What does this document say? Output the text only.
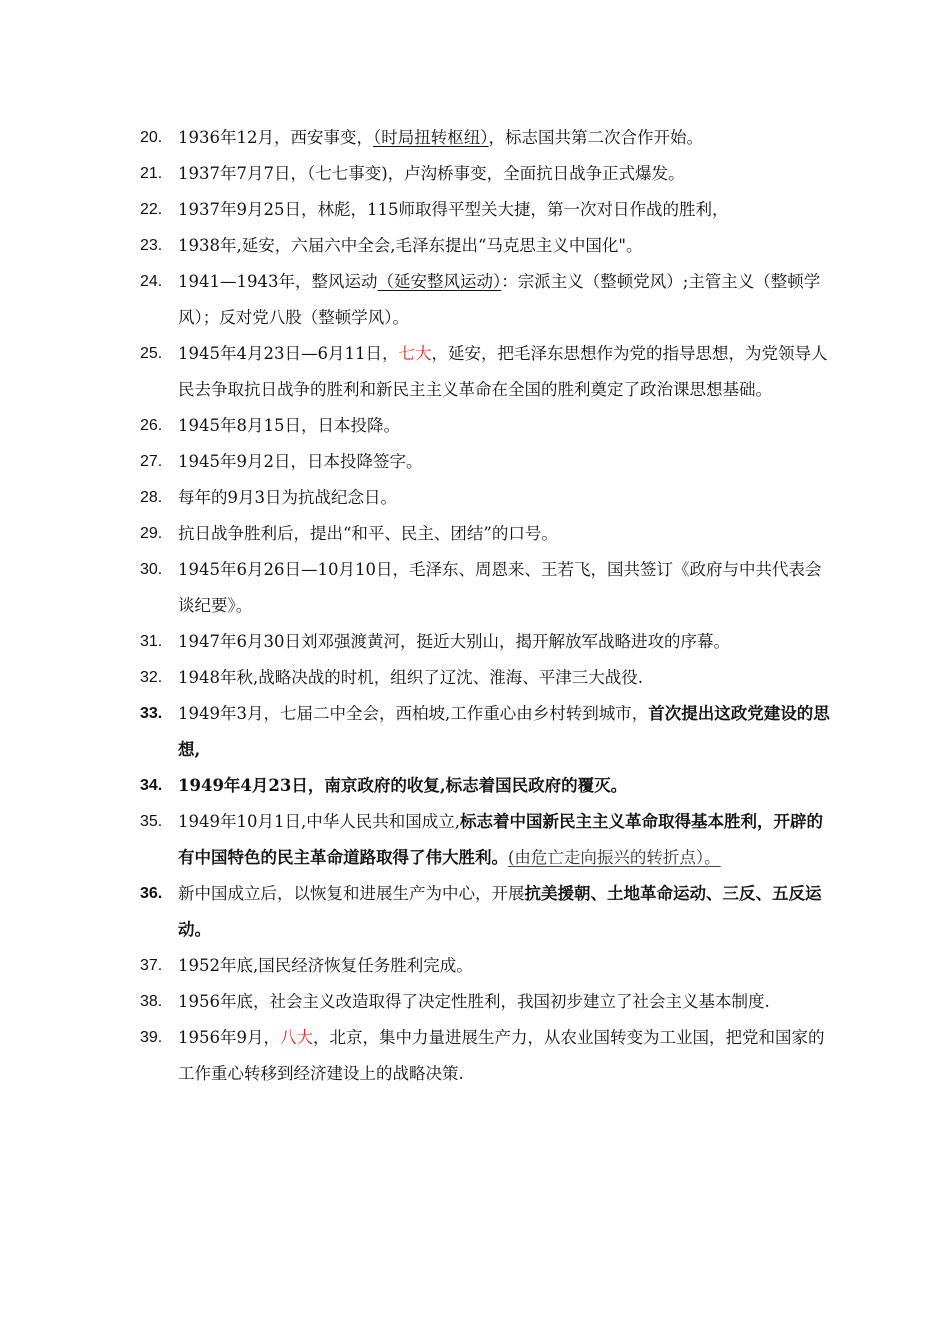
20. 1936年12月，西安事变，（时局扭转枢纽），标志国共第二次合作开始。
21. 1937年7月7日，（七七事变)，卢沟桥事变，全面抗日战争正式爆发。
22. 1937年9月25日，林彪，115师取得平型关大捷，第一次对日作战的胜利，
23. 1938年,延安，六届六中全会,毛泽东提出“马克思主义中国化"。
24. 1941—1943年，整风运动（延安整风运动）：宗派主义（整顿党风）;主管主义（整顿学风）；反对党八股（整顿学风）。
25. 1945年4月23日—6月11日，七大，延安，把毛泽东思想作为党的指导思想，为党领导人民去争取抗日战争的胜利和新民主主义革命在全国的胜利奠定了政治课思想基础。
26. 1945年8月15日，日本投降。
27. 1945年9月2日，日本投降签字。
28. 每年的9月3日为抗战纪念日。
29. 抗日战争胜利后，提出“和平、民主、团结”的口号。
30. 1945年6月26日—10月10日，毛泽东、周恩来、王若飞，国共签订《政府与中共代表会谈纪要》。
31. 1947年6月30日刘邓强渡黄河，挺近大别山，揭开解放军战略进攻的序幕。
32. 1948年秋,战略决战的时机，组织了辽沈、淮海、平津三大战役.
33. 1949年3月，七届二中全会，西柏坡,工作重心由乡村转到城市，首次提出这政党建设的思想,
34. 1949年4月23日，南京政府的收复,标志着国民政府的覆灭。
35. 1949年10月1日,中华人民共和国成立,标志着中国新民主主义革命取得基本胜利，开辟的有中国特色的民主革命道路取得了伟大胜利。(由危亡走向振兴的转折点）。
36. 新中国成立后，以恢复和进展生产为中心，开展抗美援朝、土地革命运动、三反、五反运动。
37. 1952年底,国民经济恢复任务胜利完成。
38. 1956年底，社会主义改造取得了决定性胜利，我国初步建立了社会主义基本制度.
39. 1956年9月，八大，北京，集中力量进展生产力，从农业国转变为工业国，把党和国家的工作重心转移到经济建设上的战略决策.
